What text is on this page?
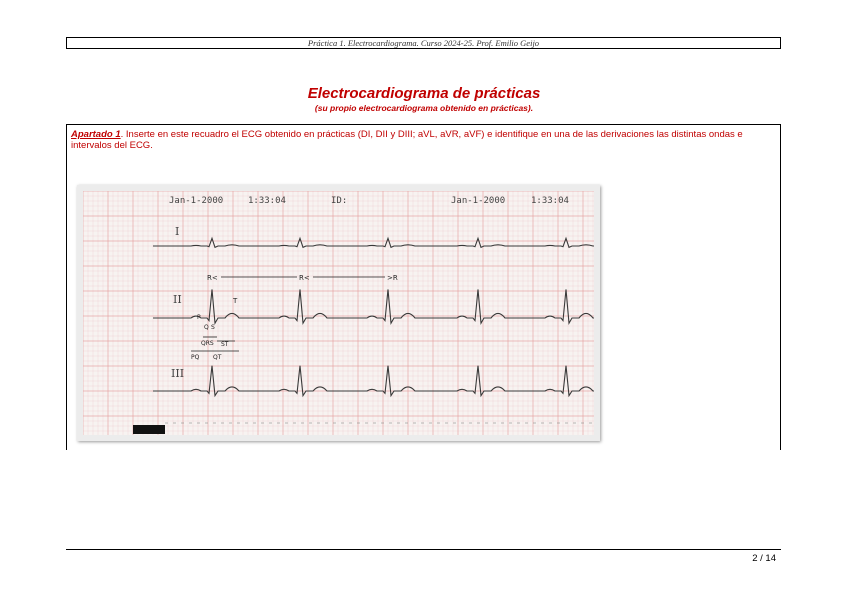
Práctica 1. Electrocardiograma. Curso 2024-25. Prof. Emilio Geijo
Electrocardiograma de prácticas
(su propio electrocardiograma obtenido en prácticas).
Apartado 1. Inserte en este recuadro el ECG obtenido en prácticas (DI, DII y DIII; aVL, aVR, aVF) e identifique en una de las derivaciones las distintas ondas e intervalos del ECG.
Jan-1-2000	1:33:04	ID:	Jan-1-2000	1:33:04
I
II
III
R<	R<	>R
T
P
Q S
QRS ST
PQ QT
2 / 14
